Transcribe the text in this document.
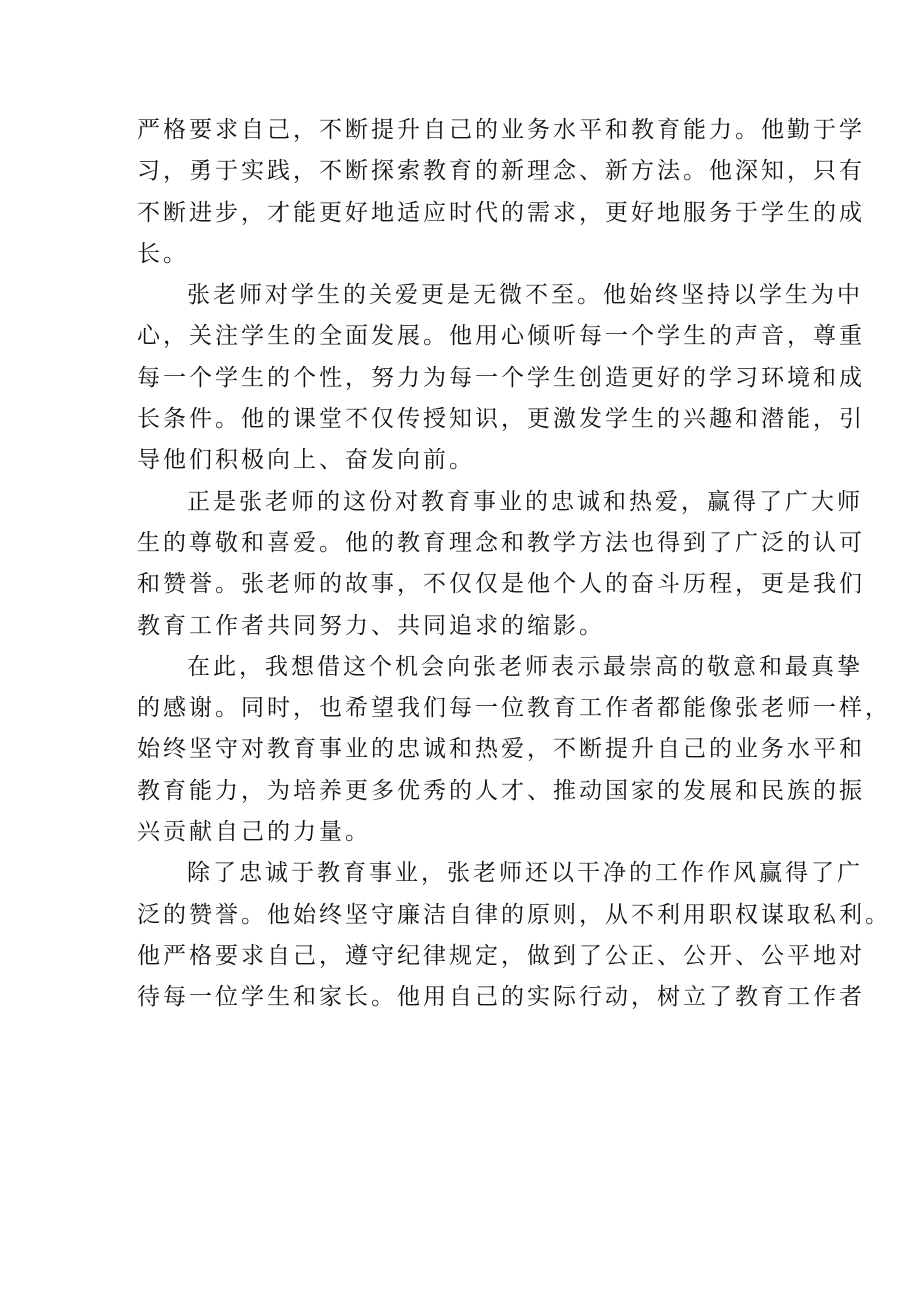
严格要求自己，不断提升自己的业务水平和教育能力。他勤于学
习，勇于实践，不断探索教育的新理念、新方法。他深知，只有
不断进步，才能更好地适应时代的需求，更好地服务于学生的成
长。

张老师对学生的关爱更是无微不至。他始终坚持以学生为中
心，关注学生的全面发展。他用心倾听每一个学生的声音，尊重
每一个学生的个性，努力为每一个学生创造更好的学习环境和成
长条件。他的课堂不仅传授知识，更激发学生的兴趣和潜能，引
导他们积极向上、奋发向前。

正是张老师的这份对教育事业的忠诚和热爱，赢得了广大师
生的尊敬和喜爱。他的教育理念和教学方法也得到了广泛的认可
和赞誉。张老师的故事，不仅仅是他个人的奋斗历程，更是我们
教育工作者共同努力、共同追求的缩影。

在此，我想借这个机会向张老师表示最崇高的敬意和最真挚
的感谢。同时，也希望我们每一位教育工作者都能像张老师一样，
始终坚守对教育事业的忠诚和热爱，不断提升自己的业务水平和
教育能力，为培养更多优秀的人才、推动国家的发展和民族的振
兴贡献自己的力量。

除了忠诚于教育事业，张老师还以干净的工作作风赢得了广
泛的赞誉。他始终坚守廉洁自律的原则，从不利用职权谋取私利。
他严格要求自己，遵守纪律规定，做到了公正、公开、公平地对
待每一位学生和家长。他用自己的实际行动，树立了教育工作者
